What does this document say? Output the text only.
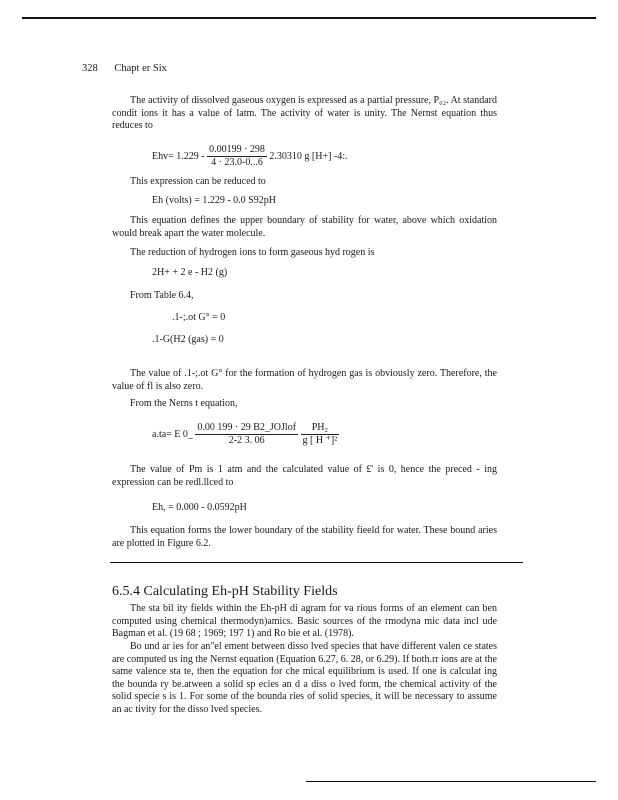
328 Chapt er Six

The activity of dissolved gaseous oxygen is expressed as a partial pressure, P₀₂. At standard condit ions it has a value of latm. The activity of water is unity. The Nernst equation thus reduces to

$Ehv= 1.229 - \frac{0.00199 \cdot 298}{4 \cdot 23.0-0...6} 2.30310$ g [H+] -4:.

This expression can be reduced to

Eh (volts) = 1.229 - 0.0 S92pH

This equation defines the upper boundary of stability for water, above which oxidation would break apart the water molecule.

The reduction of hydrogen ions to form gaseous hyd rogen is

2H+ + 2 e - H2 (g)

From Table 6.4,

.1-;.ot G° = 0
.1-G(H2 (gas) = 0

The value of .1-;.ot G° for the formation of hydrogen gas is obviously zero. Therefore, the value of fl is also zero.

From the Nerns t equation,

a.ta= E 0_ $\frac{\text{0.00 199 · 29 B2\_JOJlof}}{2-2 3. 06}$
$\frac{\text{PH₂}}{\text{g [ H ⁺]²}}$

The value of Pm is 1 atm and the calculated value of £' is 0, hence the preced - ing expression can be redl.llced to

Eh, = 0.000 - 0.0592pH

This equation forms the lower boundary of the stability fieeld for water. These bound aries are plotted in Figure 6.2.

6.5.4 Calculating Eh-pH Stability Fields

The sta bil ity fields within the Eh-pH di agram for va rious forms of an element can ben computed using chemical thermodyn)amics. Basic sources of the rmodyna mic data incl ude Bagman et al. (19 68 ; 1969; 197 1) and Ro bie et al. (1978).

Bo und ar ies for an"el ement between disso lved species that have different valen ce states are computed us ing the Nernst equation (Equation 6.27, 6. 28, or 6.29). If both.rr ions are at the same valence sta te, then the equation for che mical equilibrium is used. If one is calculat ing the bounda ry be.atween a solid sp ecies an d a diss o lved form, the chemical activity of the solid specie s is 1. For some of the bounda ries of solid species, it will be necessary to assume an ac tivity for the disso lved species.
